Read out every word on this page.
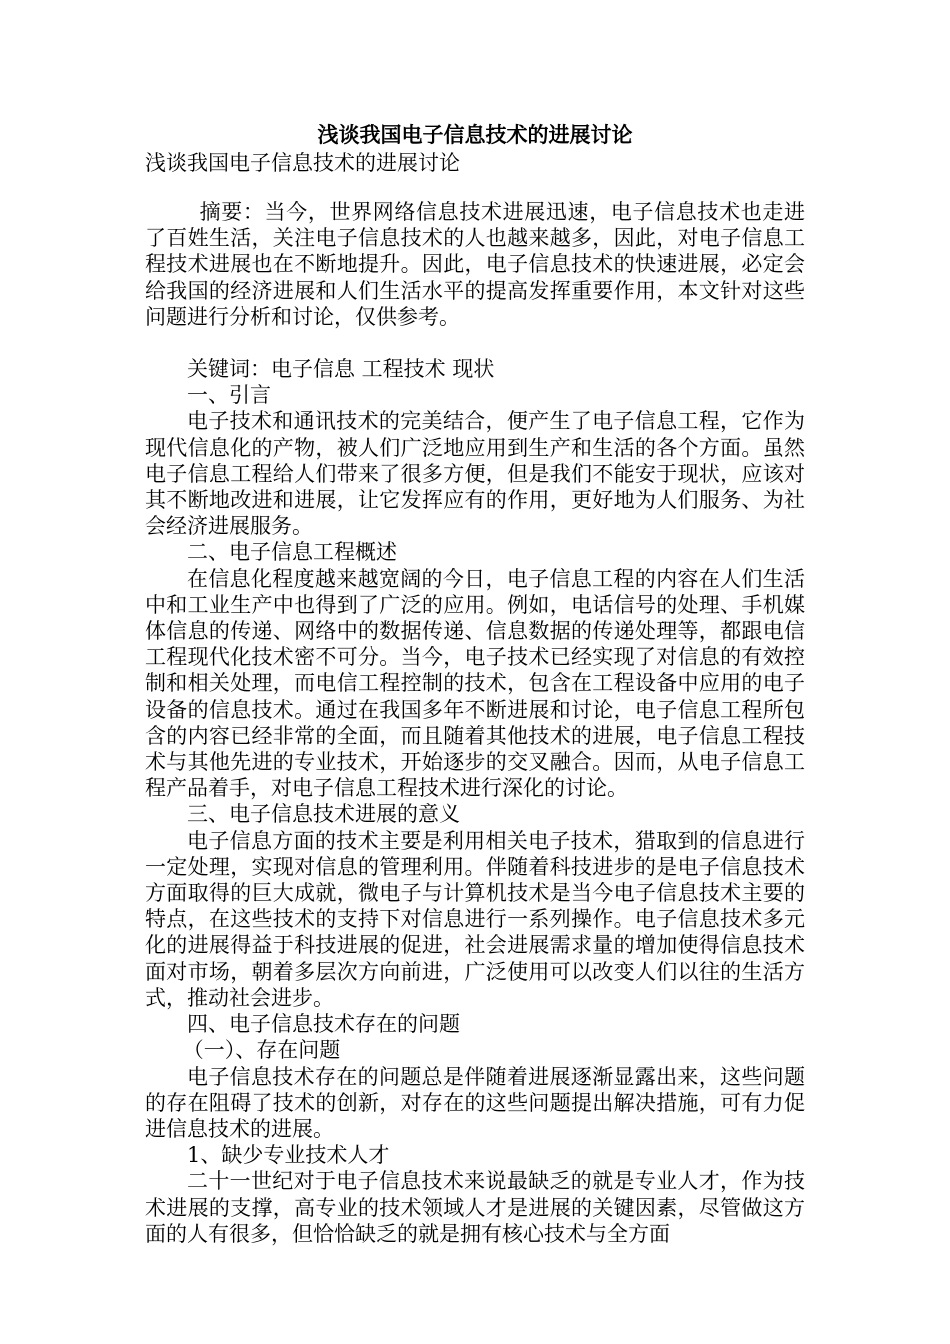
浅谈我国电子信息技术的进展讨论
浅谈我国电子信息技术的进展讨论

摘要：当今，世界网络信息技术进展迅速，电子信息技术也走进了百姓生活，关注电子信息技术的人也越来越多，因此，对电子信息工程技术进展也在不断地提升。因此，电子信息技术的快速进展，必定会给我国的经济进展和人们生活水平的提高发挥重要作用，本文针对这些问题进行分析和讨论，仅供参考。

关键词：电子信息 工程技术 现状

一、引言

电子技术和通讯技术的完美结合，便产生了电子信息工程，它作为现代信息化的产物，被人们广泛地应用到生产和生活的各个方面。虽然电子信息工程给人们带来了很多方便，但是我们不能安于现状，应该对其不断地改进和进展，让它发挥应有的作用，更好地为人们服务、为社会经济进展服务。

二、电子信息工程概述

在信息化程度越来越宽阔的今日，电子信息工程的内容在人们生活中和工业生产中也得到了广泛的应用。例如，电话信号的处理、手机媒体信息的传递、网络中的数据传递、信息数据的传递处理等，都跟电信工程现代化技术密不可分。当今，电子技术已经实现了对信息的有效控制和相关处理，而电信工程控制的技术，包含在工程设备中应用的电子设备的信息技术。通过在我国多年不断进展和讨论，电子信息工程所包含的内容已经非常的全面，而且随着其他技术的进展，电子信息工程技术与其他先进的专业技术，开始逐步的交叉融合。因而，从电子信息工程产品着手，对电子信息工程技术进行深化的讨论。

三、电子信息技术进展的意义

电子信息方面的技术主要是利用相关电子技术，猎取到的信息进行一定处理，实现对信息的管理利用。伴随着科技进步的是电子信息技术方面取得的巨大成就，微电子与计算机技术是当今电子信息技术主要的特点，在这些技术的支持下对信息进行一系列操作。电子信息技术多元化的进展得益于科技进展的促进，社会进展需求量的增加使得信息技术面对市场，朝着多层次方向前进，广泛使用可以改变人们以往的生活方式，推动社会进步。

四、电子信息技术存在的问题

（一）、存在问题

电子信息技术存在的问题总是伴随着进展逐渐显露出来，这些问题的存在阻碍了技术的创新，对存在的这些问题提出解决措施，可有力促进信息技术的进展。

1、缺少专业技术人才

二十一世纪对于电子信息技术来说最缺乏的就是专业人才，作为技术进展的支撑，高专业的技术领域人才是进展的关键因素，尽管做这方面的人有很多，但恰恰缺乏的就是拥有核心技术与全方面
